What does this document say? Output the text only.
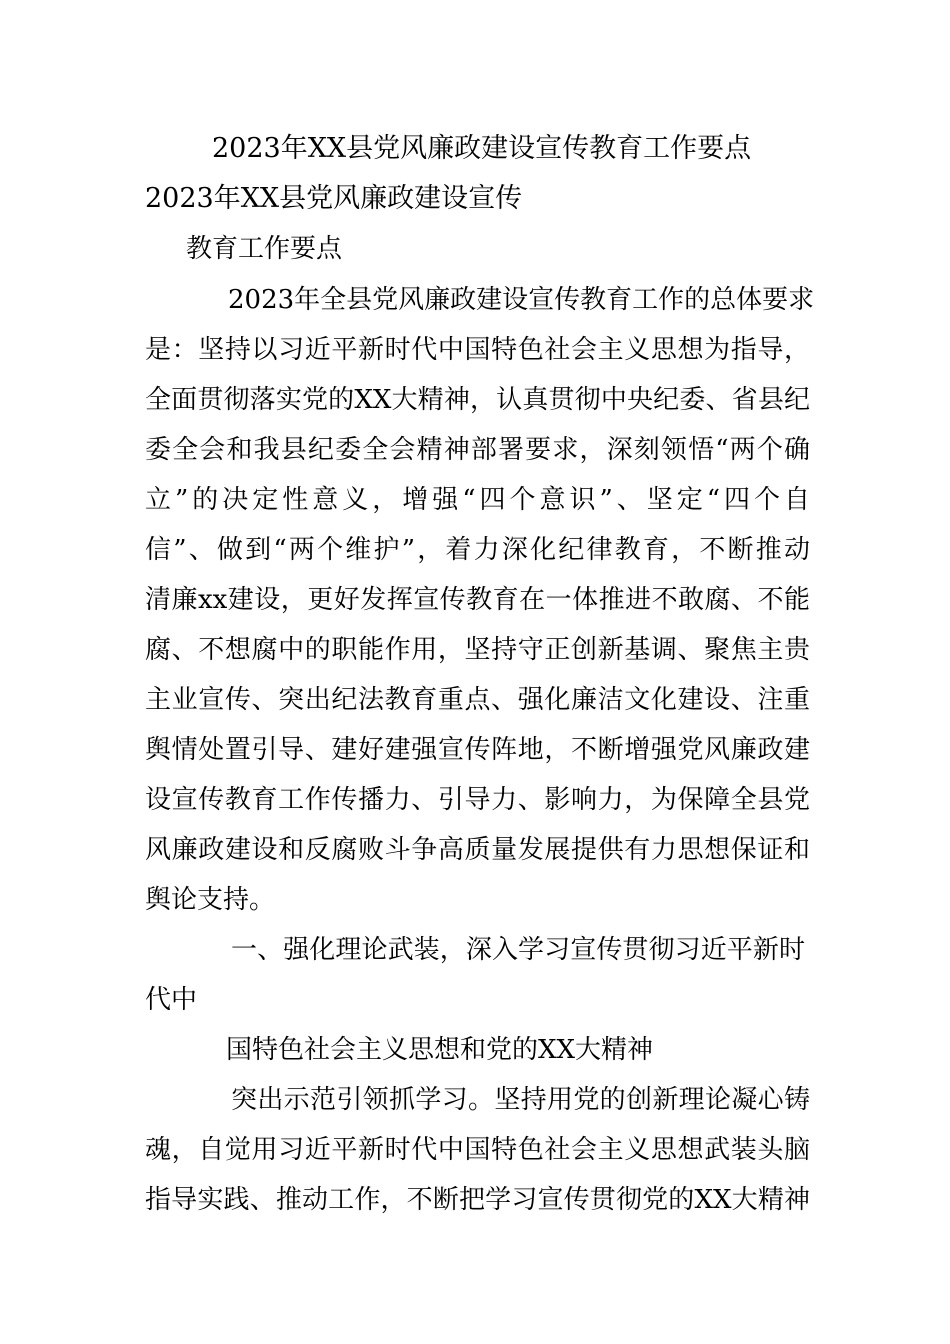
2023年XX县党风廉政建设宣传教育工作要点
2023年XX县党风廉政建设宣传
教育工作要点
2023年全县党风廉政建设宣传教育工作的总体要求
是：坚持以习近平新时代中国特色社会主义思想为指导，
全面贯彻落实党的XX大精神，认真贯彻中央纪委、省县纪
委全会和我县纪委全会精神部署要求，深刻领悟“两个确
立”的决定性意义，增强“四个意识”、坚定“四个自
信”、做到“两个维护”，着力深化纪律教育，不断推动
清廉xx建设，更好发挥宣传教育在一体推进不敢腐、不能
腐、不想腐中的职能作用，坚持守正创新基调、聚焦主贵
主业宣传、突出纪法教育重点、强化廉洁文化建设、注重
舆情处置引导、建好建强宣传阵地，不断增强党风廉政建
设宣传教育工作传播力、引导力、影响力，为保障全县党
风廉政建设和反腐败斗争高质量发展提供有力思想保证和
舆论支持。
一、强化理论武装，深入学习宣传贯彻习近平新时
代中
国特色社会主义思想和党的XX大精神
突出示范引领抓学习。坚持用党的创新理论凝心铸
魂，自觉用习近平新时代中国特色社会主义思想武装头脑
指导实践、推动工作，不断把学习宣传贯彻党的XX大精神
